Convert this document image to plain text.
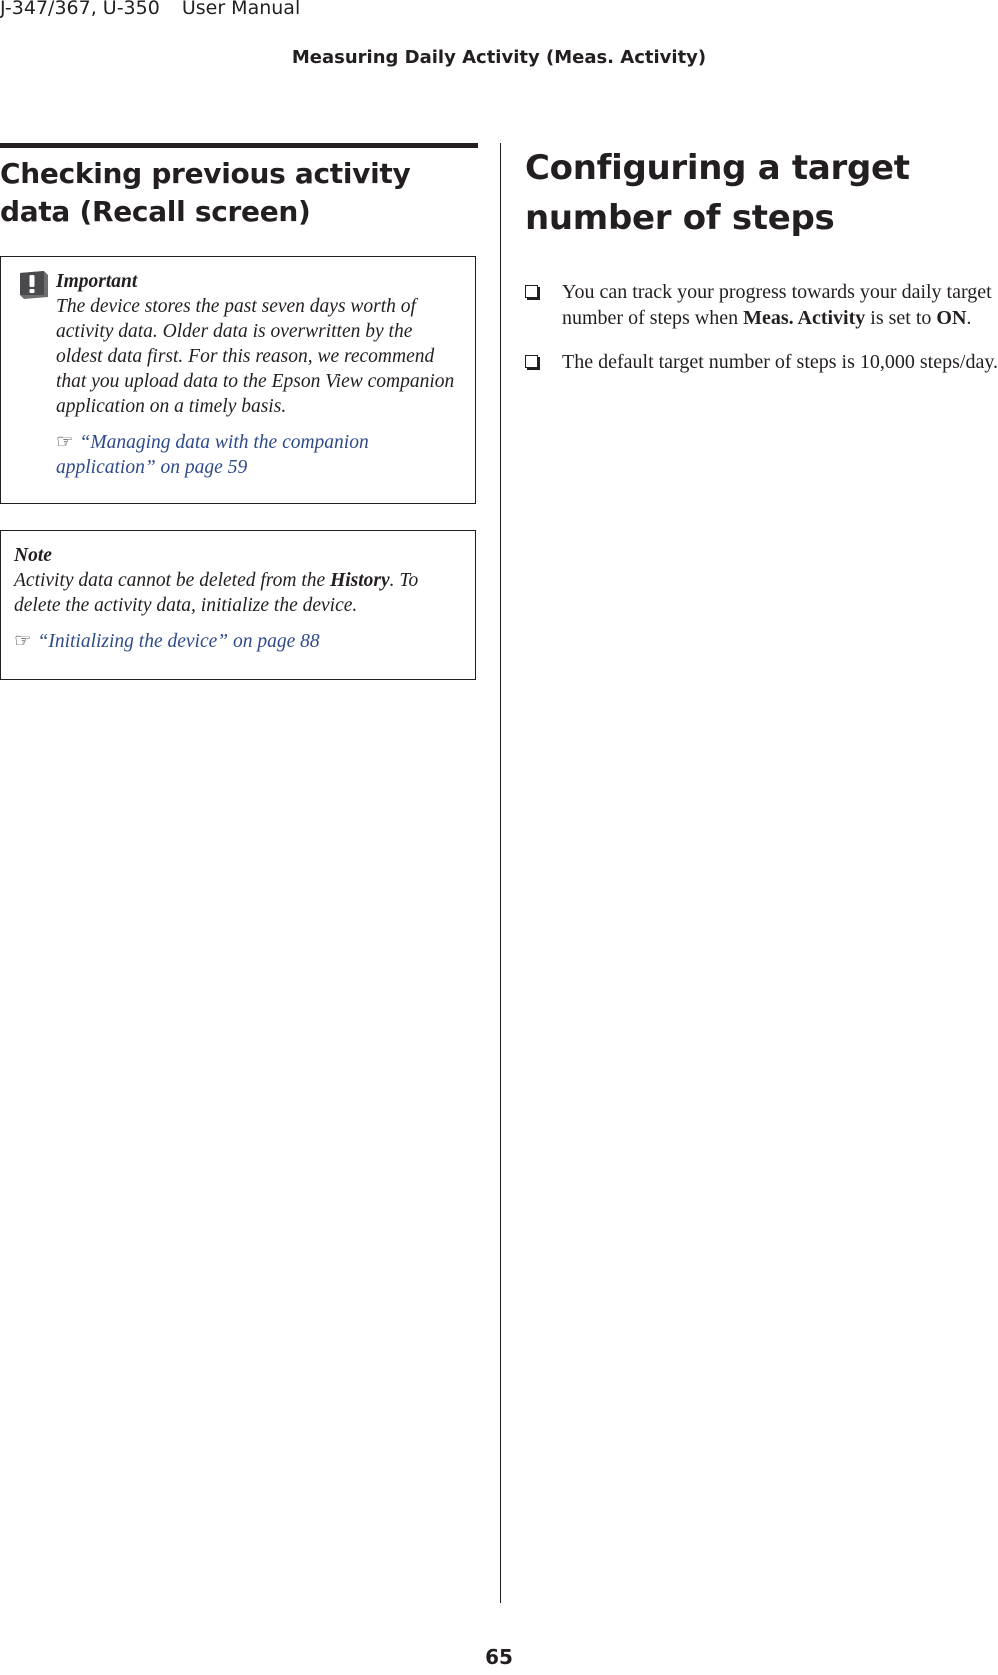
J-347/367, U-350 User Manual
Measuring Daily Activity (Meas. Activity)
Checking previous activity data (Recall screen)
Important

The device stores the past seven days worth of activity data. Older data is overwritten by the oldest data first. For this reason, we recommend that you upload data to the Epson View companion application on a timely basis.

☞ “Managing data with the companion application” on page 59
Note

Activity data cannot be deleted from the History. To delete the activity data, initialize the device.

☞ “Initializing the device” on page 88
Configuring a target number of steps
You can track your progress towards your daily target number of steps when Meas. Activity is set to ON.
The default target number of steps is 10,000 steps/day.
65
